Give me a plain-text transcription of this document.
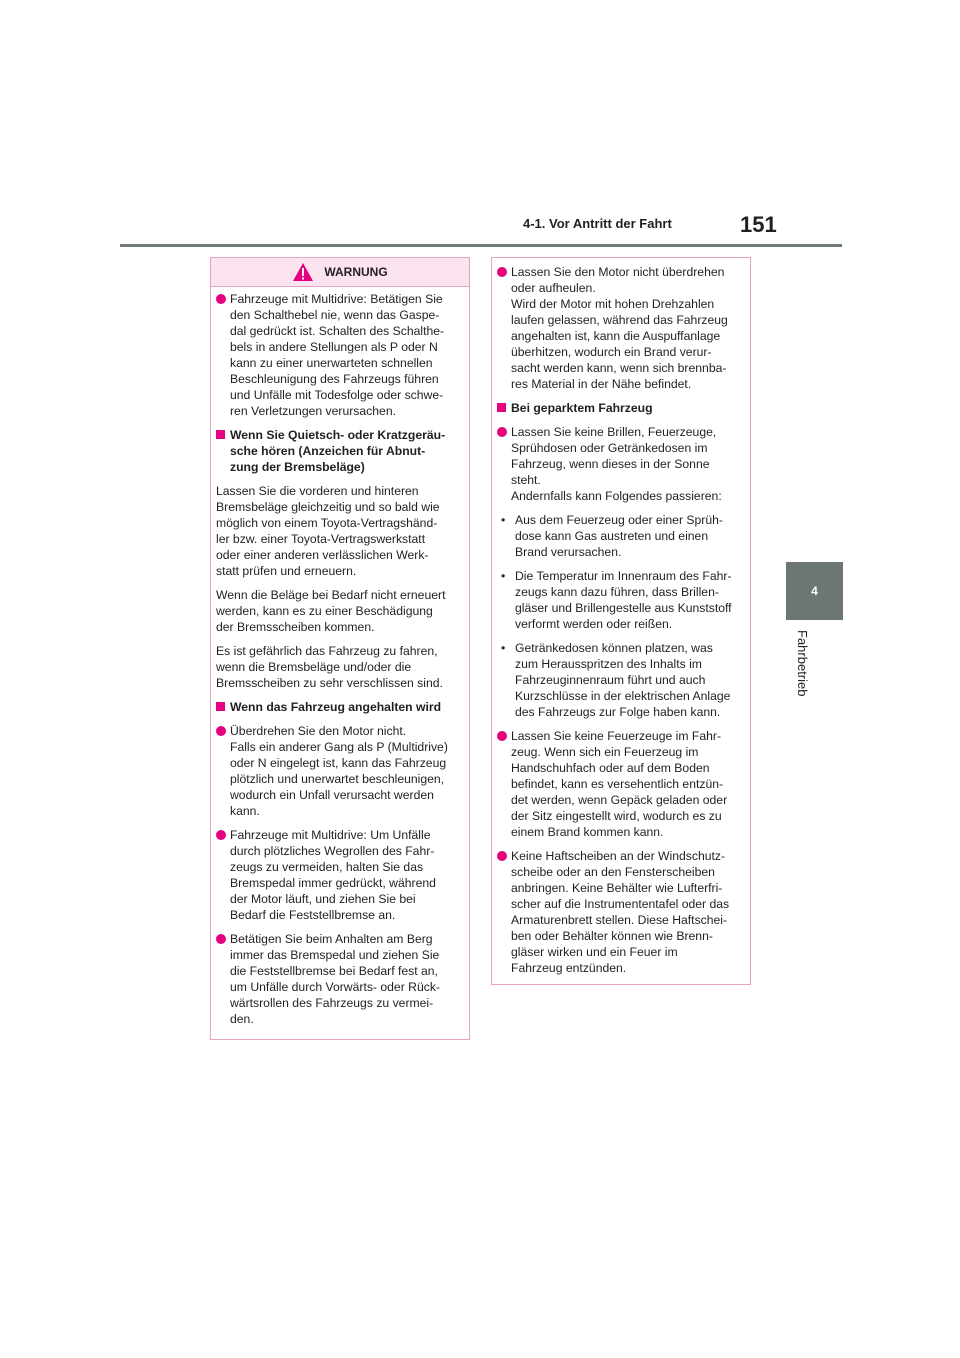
4-1. Vor Antritt der Fahrt	151
4
Fahrbetrieb
WARNUNG
Fahrzeuge mit Multidrive: Betätigen Sie
den Schalthebel nie, wenn das Gaspe-
dal gedrückt ist. Schalten des Schalthe-
bels in andere Stellungen als P oder N
kann zu einer unerwarteten schnellen
Beschleunigung des Fahrzeugs führen
und Unfälle mit Todesfolge oder schwe-
ren Verletzungen verursachen.
Wenn Sie Quietsch- oder Kratzgeräu-
sche hören (Anzeichen für Abnut-
zung der Bremsbeläge)
Lassen Sie die vorderen und hinteren
Bremsbeläge gleichzeitig und so bald wie
möglich von einem Toyota-Vertragshänd-
ler bzw. einer Toyota-Vertragswerkstatt
oder einer anderen verlässlichen Werk-
statt prüfen und erneuern.
Wenn die Beläge bei Bedarf nicht erneuert
werden, kann es zu einer Beschädigung
der Bremsscheiben kommen.
Es ist gefährlich das Fahrzeug zu fahren,
wenn die Bremsbeläge und/oder die
Bremsscheiben zu sehr verschlissen sind.
Wenn das Fahrzeug angehalten wird
Überdrehen Sie den Motor nicht.
Falls ein anderer Gang als P (Multidrive)
oder N eingelegt ist, kann das Fahrzeug
plötzlich und unerwartet beschleunigen,
wodurch ein Unfall verursacht werden
kann.
Fahrzeuge mit Multidrive: Um Unfälle
durch plötzliches Wegrollen des Fahr-
zeugs zu vermeiden, halten Sie das
Bremspedal immer gedrückt, während
der Motor läuft, und ziehen Sie bei
Bedarf die Feststellbremse an.
Betätigen Sie beim Anhalten am Berg
immer das Bremspedal und ziehen Sie
die Feststellbremse bei Bedarf fest an,
um Unfälle durch Vorwärts- oder Rück-
wärtsrollen des Fahrzeugs zu vermei-
den.
Lassen Sie den Motor nicht überdrehen
oder aufheulen.
Wird der Motor mit hohen Drehzahlen
laufen gelassen, während das Fahrzeug
angehalten ist, kann die Auspuffanlage
überhitzen, wodurch ein Brand verur-
sacht werden kann, wenn sich brennba-
res Material in der Nähe befindet.
Bei geparktem Fahrzeug
Lassen Sie keine Brillen, Feuerzeuge,
Sprühdosen oder Getränkedosen im
Fahrzeug, wenn dieses in der Sonne
steht.
Andernfalls kann Folgendes passieren:
• Aus dem Feuerzeug oder einer Sprüh-
dose kann Gas austreten und einen
Brand verursachen.
• Die Temperatur im Innenraum des Fahr-
zeugs kann dazu führen, dass Brillen-
gläser und Brillengestelle aus Kunststoff
verformt werden oder reißen.
• Getränkedosen können platzen, was
zum Herausspritzen des Inhalts im
Fahrzeuginnenraum führt und auch
Kurzschlüsse in der elektrischen Anlage
des Fahrzeugs zur Folge haben kann.
Lassen Sie keine Feuerzeuge im Fahr-
zeug. Wenn sich ein Feuerzeug im
Handschuhfach oder auf dem Boden
befindet, kann es versehentlich entzün-
det werden, wenn Gepäck geladen oder
der Sitz eingestellt wird, wodurch es zu
einem Brand kommen kann.
Keine Haftscheiben an der Windschutz-
scheibe oder an den Fensterscheiben
anbringen. Keine Behälter wie Lufterfri-
scher auf die Instrumententafel oder das
Armaturenbrett stellen. Diese Haftschei-
ben oder Behälter können wie Brenn-
gläser wirken und ein Feuer im
Fahrzeug entzünden.
